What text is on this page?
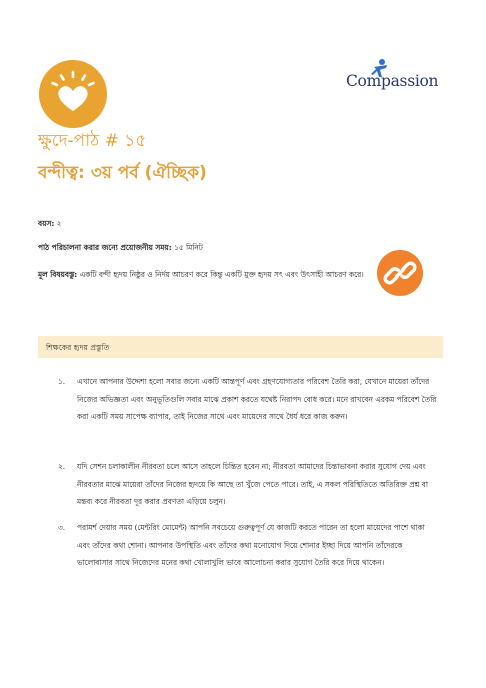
Compassion
ক্ষুদে-পাঠ # ১৫
বন্দীত্ব: ৩য় পর্ব (ঐচ্ছিক)
বয়স: ২
পাঠ পরিচালনা করার জন্যে প্রয়োজনীয় সময়: ১৫ মিনিট
মূল বিষয়বস্তু: একটি বন্দী হৃদয় নিষ্ঠুর ও নির্দয় আচরণ করে কিন্তু একটি মুক্ত হৃদয় সৎ এবং উৎসাহী আচরণ করে।
শিক্ষকের হৃদয় প্রস্তুতি
১. এখানে আপনার উদ্দেশ্য হলো সবার জন্যে একটি আন্তপূর্ণ এবং গ্রহণযোগ্যতার পরিবেশ তৈরি করা, যেখানে মায়েরা তাঁদের নিজের অভিজ্ঞতা এবং অনুভূতিগুলি সবার মাঝে প্রকাশ করতে যথেষ্ট নিরাপদ বোধ করে। মনে রাখবেন এরকম পরিবেশ তৈরি করা একটি সময় সাপেক্ষ ব্যাপার, তাই নিজের সাথে এবং মায়েদের সাথে ধৈর্য ধরে কাজ করুন।
২. যদি সেশন চলাকালীন নীরবতা চলে আসে তাহলে চিন্তিত হবেন না; নীরবতা আমাদের চিন্তাভাবনা করার সুযোগ দেয় এবং নীরবতার মাঝে মায়েরা তাঁদের নিজের হৃদয়ে কি আছে তা খুঁজে পেতে পারে। তাই, এ সকল পরিস্থিতিতে অতিরিক্ত প্রশ্ন বা মন্তব্য করে নীরবতা দূর করার প্রবণতা এড়িয়ে চলুন।
৩. পরামর্শ দেয়ার সময় (মেন্টরিং মোমেন্ট) আপনি সবচেয়ে গুরুত্বপূর্ণ যে কাজটি করতে পারেন তা হলো মায়েদের পাশে থাকা এবং তাঁদের কথা শোনা। আপনার উপস্থিতি এবং তাঁদের কথা মনোযোগ দিয়ে শোনার ইচ্ছা দিয়ে আপনি তাঁদেরকে ভালোবাসার সাথে নিজেদের মনের কথা খোলাখুলি ভাবে আলোচনা করার সুযোগ তৈরি করে দিয়ে থাকেন।
